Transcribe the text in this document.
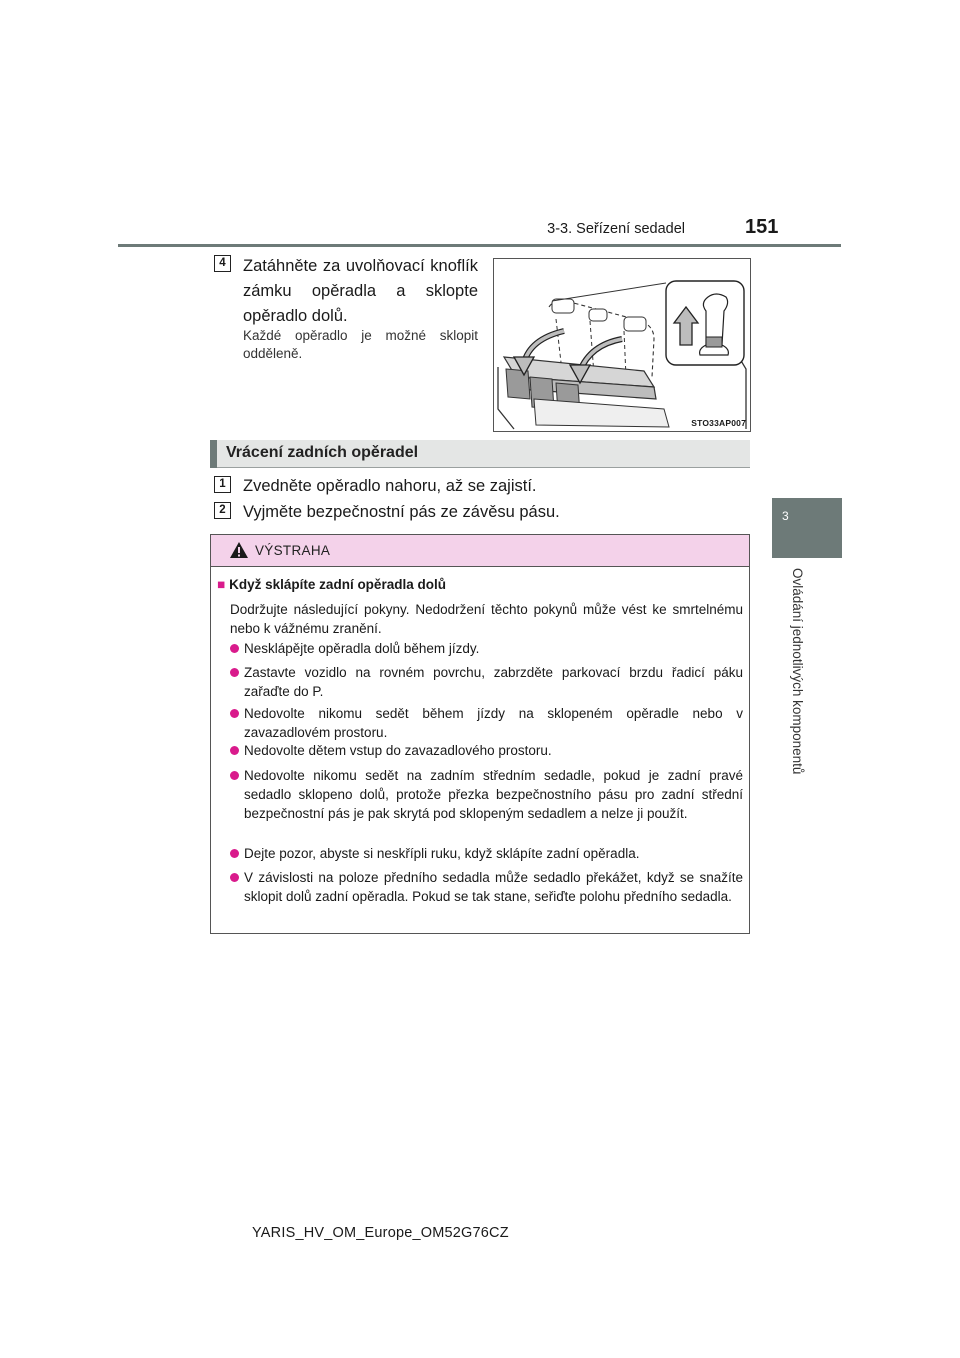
3-3. Seřízení sedadel	151
3
Ovládání jednotlivých komponentů
4	Zatáhněte za uvolňovací knoflík zámku opěradla a sklopte opěradlo dolů.
Každé opěradlo je možné sklopit odděleně.
STO33AP007
Vrácení zadních opěradel
1	Zvedněte opěradlo nahoru, až se zajistí.
2	Vyjměte bezpečnostní pás ze závěsu pásu.
VÝSTRAHA
■ Když sklápíte zadní opěradla dolů
Dodržujte následující pokyny. Nedodržení těchto pokynů může vést ke smrtelnému nebo k vážnému zranění.
Nesklápějte opěradla dolů během jízdy.
Zastavte vozidlo na rovném povrchu, zabrzděte parkovací brzdu řadicí páku zařaďte do P.
Nedovolte nikomu sedět během jízdy na sklopeném opěradle nebo v zavazadlovém prostoru.
Nedovolte dětem vstup do zavazadlového prostoru.
Nedovolte nikomu sedět na zadním středním sedadle, pokud je zadní pravé sedadlo sklopeno dolů, protože přezka bezpečnostního pásu pro zadní střední bezpečnostní pás je pak skrytá pod sklopeným sedadlem a nelze ji použít.
Dejte pozor, abyste si neskřípli ruku, když sklápíte zadní opěradla.
V závislosti na poloze předního sedadla může sedadlo překážet, když se snažíte sklopit dolů zadní opěradla. Pokud se tak stane, seřiďte polohu předního sedadla.
YARIS_HV_OM_Europe_OM52G76CZ
